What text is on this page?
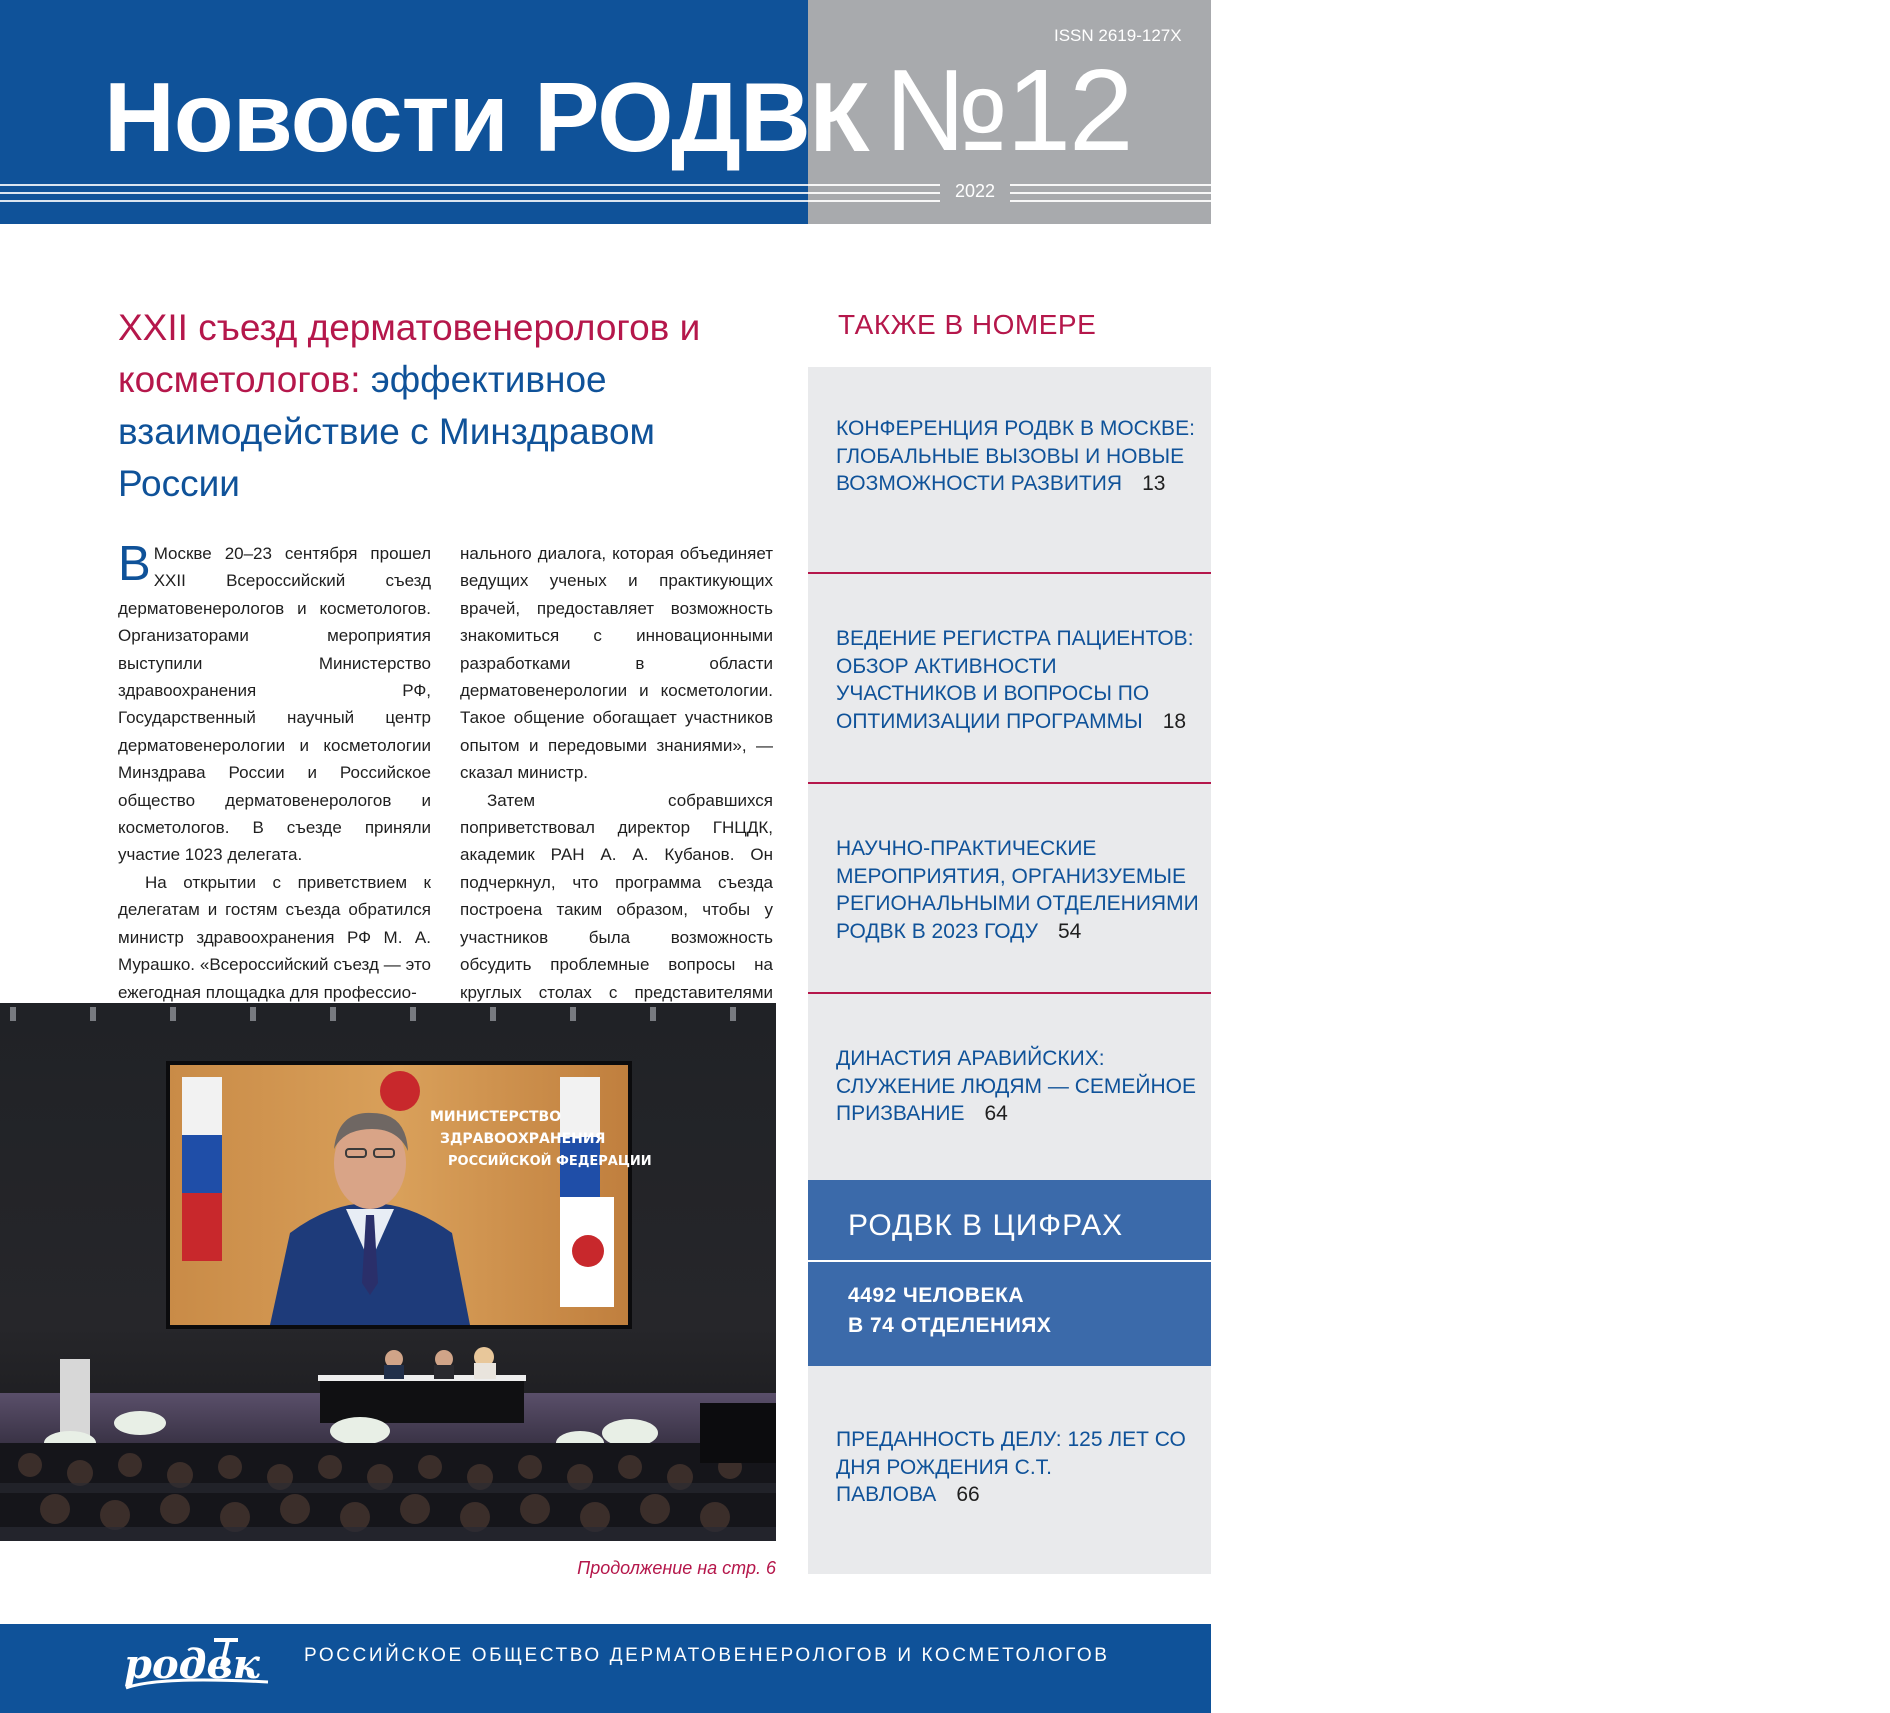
Новости РОДВК
ISSN 2619-127X
№12
2022
XXII съезд дерматовенерологов и косметологов: эффективное взаимодействие с Минздравом России

В Москве 20–23 сентября прошел XXII Всероссийский съезд дерматовенерологов и косметологов. Организаторами мероприятия выступили Министерство здравоохранения РФ, Государственный научный центр дерматовенерологии и косметологии Минздрава России и Российское общество дерматовенерологов и косметологов. В съезде приняли участие 1023 делегата.

На открытии с приветствием к делегатам и гостям съезда обратился министр здравоохранения РФ М. А. Мурашко. «Всероссийский съезд — это ежегодная площадка для профессио-

нального диалога, которая объединяет ведущих ученых и практикующих врачей, предоставляет возможность знакомиться с инновационными разработками в области дерматовенерологии и косметологии. Такое общение обогащает участников опытом и передовыми знаниями», — сказал министр.

Затем собравшихся поприветствовал директор ГНЦДК, академик РАН А. А. Кубанов. Он подчеркнул, что программа съезда построена таким образом, чтобы у участников была возможность обсудить проблемные вопросы на круглых столах с представителями

МИНИСТЕРСТВО
ЗДРАВООХРАНЕНИЯ
РОССИЙСКОЙ ФЕДЕРАЦИИ
Продолжение на стр. 6
ТАКЖЕ В НОМЕРЕ
КОНФЕРЕНЦИЯ РОДВК В МОСКВЕ: ГЛОБАЛЬНЫЕ ВЫЗОВЫ И НОВЫЕ ВОЗМОЖНОСТИ РАЗВИТИЯ 13
ВЕДЕНИЕ РЕГИСТРА ПАЦИЕНТОВ: ОБЗОР АКТИВНОСТИ УЧАСТНИКОВ И ВОПРОСЫ ПО ОПТИМИЗАЦИИ ПРОГРАММЫ 18
НАУЧНО-ПРАКТИЧЕСКИЕ МЕРОПРИЯТИЯ, ОРГАНИЗУЕМЫЕ РЕГИОНАЛЬНЫМИ ОТДЕЛЕНИЯМИ РОДВК В 2023 ГОДУ 54
ДИНАСТИЯ АРАВИЙСКИХ: СЛУЖЕНИЕ ЛЮДЯМ — СЕМЕЙНОЕ ПРИЗВАНИЕ 64
РОДВК В ЦИФРАХ
4492 ЧЕЛОВЕКА
В 74 ОТДЕЛЕНИЯХ
ПРЕДАННОСТЬ ДЕЛУ: 125 ЛЕТ СО ДНЯ РОЖДЕНИЯ С.Т. ПАВЛОВА 66
родвк РОССИЙСКОЕ ОБЩЕСТВО ДЕРМАТОВЕНЕРОЛОГОВ И КОСМЕТОЛОГОВ
